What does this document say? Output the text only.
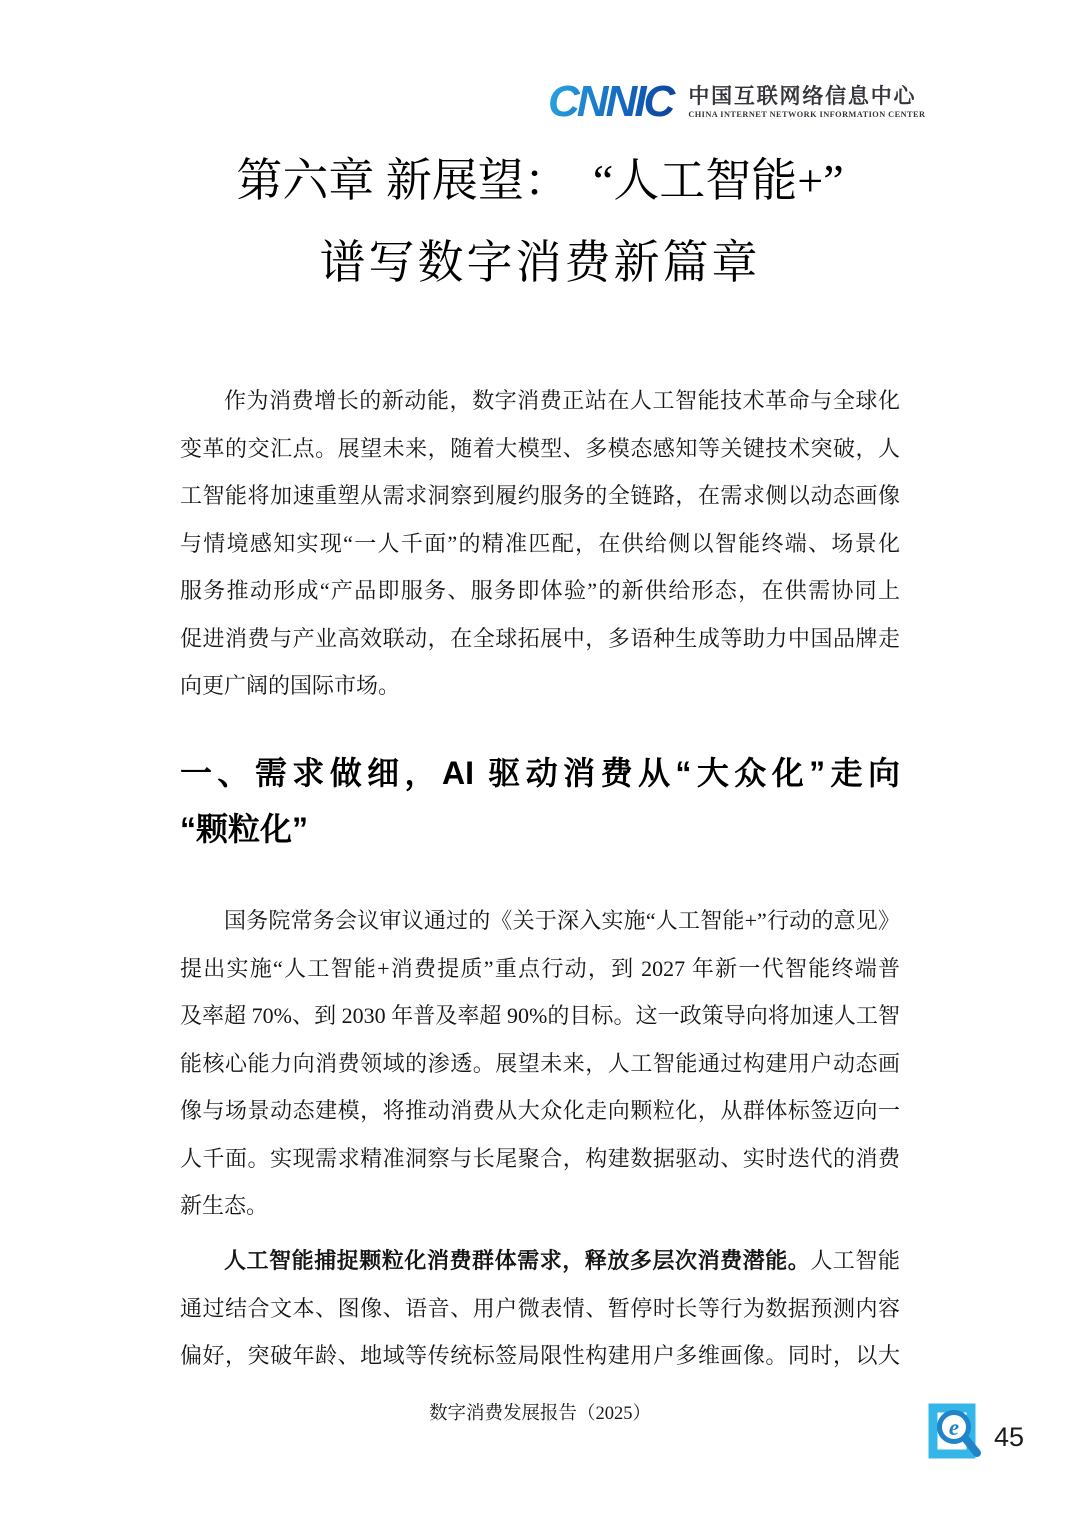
CNNIC 中国互联网络信息中心
CHINA INTERNET NETWORK INFORMATION CENTER
第六章 新展望：　“人工智能+”
谱写数字消费新篇章
作为消费增长的新动能，数字消费正站在人工智能技术革命与全球化
变革的交汇点。展望未来，随着大模型、多模态感知等关键技术突破，人
工智能将加速重塑从需求洞察到履约服务的全链路，在需求侧以动态画像
与情境感知实现“一人千面”的精准匹配，在供给侧以智能终端、场景化
服务推动形成“产品即服务、服务即体验”的新供给形态，在供需协同上
促进消费与产业高效联动，在全球拓展中，多语种生成等助力中国品牌走
向更广阔的国际市场。
一、需求做细，AI 驱动消费从“大众化”走向
“颗粒化”
国务院常务会议审议通过的《关于深入实施“人工智能+”行动的意见》
提出实施“人工智能+消费提质”重点行动，到 2027 年新一代智能终端普
及率超 70%、到 2030 年普及率超 90%的目标。这一政策导向将加速人工智
能核心能力向消费领域的渗透。展望未来，人工智能通过构建用户动态画
像与场景动态建模，将推动消费从大众化走向颗粒化，从群体标签迈向一
人千面。实现需求精准洞察与长尾聚合，构建数据驱动、实时迭代的消费
新生态。
人工智能捕捉颗粒化消费群体需求，释放多层次消费潜能。人工智能
通过结合文本、图像、语音、用户微表情、暂停时长等行为数据预测内容
偏好，突破年龄、地域等传统标签局限性构建用户多维画像。同时，以大
数字消费发展报告（2025）
e 45
